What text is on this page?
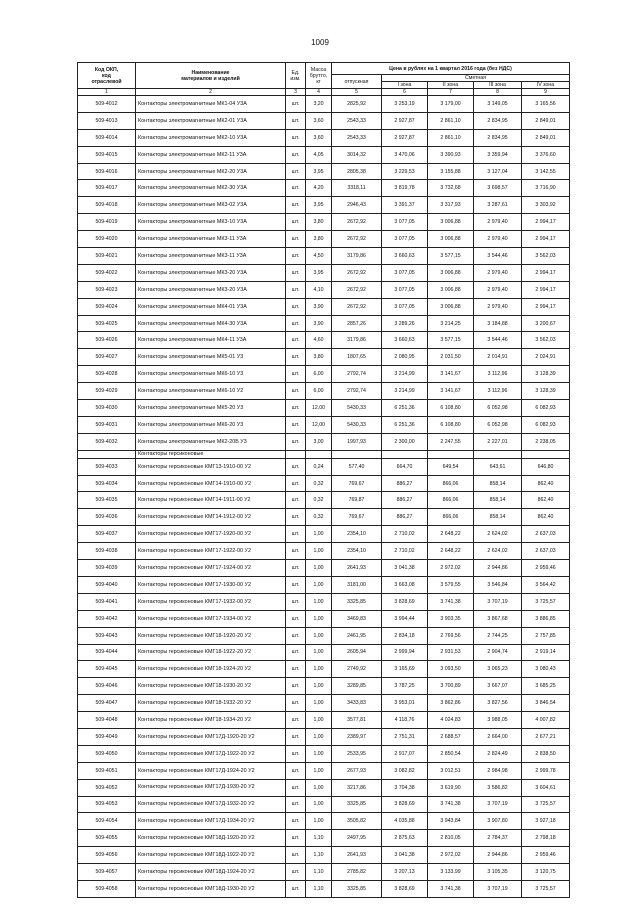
1009
Код ОКП,
код
отраслевой	Наименование
материалов и изделий	Ед.
изм.	Масса
брутто,
кг	Цена в рублях на 1 квартал 2016 года (без НДС)				
				отпускная	Сметная			
					I зона	II зона	III зона	IV зона
1	2	3	4	5	6	7	8	9
509-4012	Контакторы электромагнитные МК1-04 У3А	шт.	3,20	2825,92	3 253,19	3 179,00	3 149,05	3 165,56
509-4013	Контакторы электромагнитные МК2-01 У3А	шт.	3,60	2543,33	2 927,87	2 861,10	2 834,95	2 849,01
509-4014	Контакторы электромагнитные МК2-10 У3А	шт.	3,60	2543,33	2 927,87	2 861,10	2 834,95	2 849,01
509-4015	Контакторы электромагнитные МК2-11 У3А	шт.	4,05	3014,32	3 470,06	3 390,93	3 359,94	3 376,60
509-4016	Контакторы электромагнитные МК2-20 У3А	шт.	3,95	2805,38	3 229,53	3 155,88	3 127,04	3 142,55
509-4017	Контакторы электромагнитные МК2-30 У3А	шт.	4,20	3318,11	3 819,78	3 732,68	3 698,57	3 716,90
509-4018	Контакторы электромагнитные МК3-02 У3А	шт.	3,95	2946,43	3 391,37	3 317,93	3 287,61	3 303,92
509-4019	Контакторы электромагнитные МК3-10 У3А	шт.	3,80	2672,92	3 077,05	3 006,88	2 979,40	2 994,17
509-4020	Контакторы электромагнитные МК3-11 У3А	шт.	3,80	2672,92	3 077,05	3 006,88	2 979,40	2 994,17
509-4021	Контакторы электромагнитные МК3-11 У3А	шт.	4,50	3179,86	3 660,63	3 577,15	3 544,46	3 562,03
509-4022	Контакторы электромагнитные МК3-20 У3А	шт.	3,95	2672,92	3 077,05	3 006,88	2 979,40	2 994,17
509-4023	Контакторы электромагнитные МК3-20 У3А	шт.	4,10	2672,92	3 077,05	3 006,88	2 979,40	2 994,17
509-4024	Контакторы электромагнитные МК4-01 У3А	шт.	3,90	2672,92	3 077,05	3 006,88	2 979,40	2 994,17
509-4025	Контакторы электромагнитные МК4-30 У3А	шт.	3,90	2857,26	3 289,26	3 214,25	3 184,88	3 200,67
509-4026	Контакторы электромагнитные МК4-11 У3А	шт.	4,60	3179,86	3 660,63	3 577,15	3 544,46	3 562,03
509-4027	Контакторы электромагнитные МК5-01 У3	шт.	3,80	1807,65	2 080,95	2 031,50	2 014,91	2 024,91
509-4028	Контакторы электромагнитные МК6-10 У3	шт.	6,00	2792,74	3 214,99	3 141,67	3 112,96	3 128,39
509-4029	Контакторы электромагнитные МК6-10 У2	шт.	6,00	2792,74	3 214,99	3 141,67	3 112,96	3 128,39
509-4030	Контакторы электромагнитные МК5-20 У3	шт.	12,00	5430,33	6 251,36	6 108,80	6 052,98	6 082,93
509-4031	Контакторы электромагнитные МК6-20 У3	шт.	12,00	5430,33	6 251,36	6 108,80	6 052,98	6 082,93
509-4032	Контакторы электромагнитные МК2-20Б У3	шт.	3,00	1997,93	2 300,00	2 247,55	2 227,01	2 238,05
	Контакторы герсиконовые							
509-4033	Контакторы герсиконовые КМГ13-1910-00 У2	шт.	0,24	577,40	664,70	649,54	643,61	646,80
509-4034	Контакторы герсиконовые КМГ14-1910-00 У2	шт.	0,32	769,67	886,27	866,06	858,14	862,40
509-4035	Контакторы герсиконовые КМГ14-1911-00 У2	шт.	0,32	769,87	886,27	866,06	858,14	862,40
509-4036	Контакторы герсиконовые КМГ14-1912-00 У2	шт.	0,32	769,67	886,27	866,06	858,14	862,40
509-4037	Контакторы герсиконовые КМГ17-1920-00 У2	шт.	1,00	2354,10	2 710,02	2 648,22	2 624,02	2 637,03
509-4038	Контакторы герсиконовые КМГ17-1922-00 У2	шт.	1,00	2354,10	2 710,02	2 648,22	2 624,02	2 637,03
509-4039	Контакторы герсиконовые КМГ17-1924-00 У2	шт.	1,00	2641,93	3 041,38	2 972,02	2 944,86	2 959,46
509-4040	Контакторы герсиконовые КМГ17-1930-00 У2	шт.	1,00	3181,00	3 663,08	3 579,55	3 546,84	3 564,42
509-4041	Контакторы герсиконовые КМГ17-1932-00 У2	шт.	1,00	3325,85	3 828,69	3 741,38	3 707,19	3 725,57
509-4042	Контакторы герсиконовые КМГ17-1934-00 У2	шт.	1,00	3469,83	3 994,44	3 903,35	3 867,68	3 886,85
509-4043	Контакторы герсиконовые КМГ18-1920-20 У2	шт.	1,00	2461,95	2 834,18	2 769,56	2 744,25	2 757,85
509-4044	Контакторы герсиконовые КМГ18-1922-20 У2	шт.	1,00	2605,94	2 999,94	2 931,53	2 904,74	2 919,14
509-4045	Контакторы герсиконовые КМГ18-1924-20 У2	шт.	1,00	2749,92	3 165,69	3 093,50	3 065,23	3 080,43
509-4046	Контакторы герсиконовые КМГ18-1930-20 У2	шт.	1,00	3289,85	3 787,25	3 700,89	3 667,07	3 685,25
509-4047	Контакторы герсиконовые КМГ18-1932-20 У2	шт.	1,00	3433,83	3 953,01	3 862,86	3 827,56	3 846,54
509-4048	Контакторы герсиконовые КМГ18-1934-20 У2	шт.	1,00	3577,81	4 118,76	4 024,83	3 988,05	4 007,82
509-4049	Контакторы герсиконовые КМГ17Д-1920-20 У2	шт.	1,00	2389,97	2 751,31	2 688,57	2 664,00	2 677,21
509-4050	Контакторы герсиконовые КМГ17Д-1922-20 У2	шт.	1,00	2533,95	2 917,07	2 850,54	2 824,49	2 838,50
509-4051	Контакторы герсиконовые КМГ17Д-1924-20 У2	шт.	1,00	2677,93	3 082,82	3 012,51	2 984,98	2 999,78
509-4052	Контакторы герсиконовые КМГ17Д-1930-20 У2	шт.	1,00	3217,86	3 704,38	3 619,90	3 586,82	3 604,61
509-4053	Контакторы герсиконовые КМГ17Д-1932-20 У2	шт.	1,00	3325,85	3 828,69	3 741,38	3 707,19	3 725,57
509-4054	Контакторы герсиконовые КМГ17Д-1934-20 У2	шт.	1,00	3505,82	4 035,88	3 943,84	3 907,80	3 927,18
509-4055	Контакторы герсиконовые КМГ18Д-1920-20 У2	шт.	1,10	2497,95	2 875,63	2 810,05	2 784,37	2 798,18
509-4056	Контакторы герсиконовые КМГ18Д-1922-20 У2	шт.	1,10	2641,93	3 041,38	2 972,02	2 944,86	2 959,46
509-4057	Контакторы герсиконовые КМГ18Д-1924-20 У2	шт.	1,10	2785,82	3 207,13	3 133,99	3 105,35	3 120,75
509-4058	Контакторы герсиконовые КМГ18Д-1930-20 У2	шт.	1,10	3325,85	3 828,69	3 741,38	3 707,19	3 725,57
